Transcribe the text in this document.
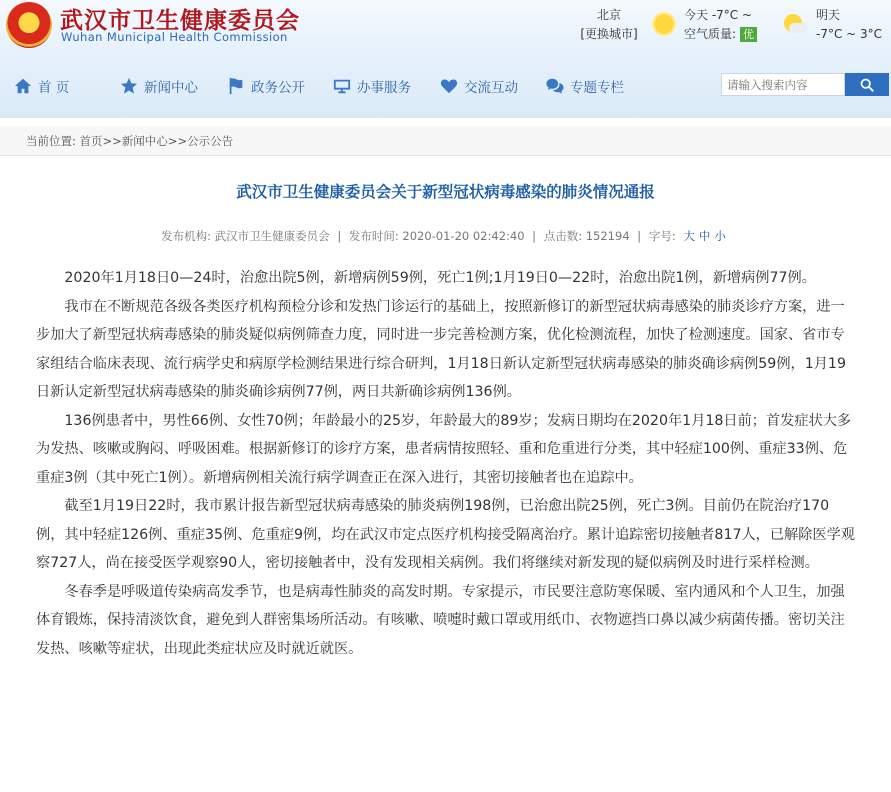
★	武汉市卫生健康委员会
Wuhan Municipal Health Commission
北京
[更换城市]
今天 -7°C ~
空气质量: 优
明天
-7°C ~ 3°C
首 页	新闻中心	政务公开	办事服务	交流互动	专题专栏
请输入搜索内容
当前位置: 首页>>新闻中心>>公示公告
武汉市卫生健康委员会关于新型冠状病毒感染的肺炎情况通报
发布机构: 武汉市卫生健康委员会 | 发布时间: 2020-01-20 02:42:40 | 点击数: 152194 | 字号: 大 中 小

2020年1月18日0—24时，治愈出院5例，新增病例59例，死亡1例;1月19日0—22时，治愈出院1例，新增病例77例。

我市在不断规范各级各类医疗机构预检分诊和发热门诊运行的基础上，按照新修订的新型冠状病毒感染的肺炎诊疗方案，进一步加大了新型冠状病毒感染的肺炎疑似病例筛查力度，同时进一步完善检测方案，优化检测流程，加快了检测速度。国家、省市专家组结合临床表现、流行病学史和病原学检测结果进行综合研判，1月18日新认定新型冠状病毒感染的肺炎确诊病例59例，1月19日新认定新型冠状病毒感染的肺炎确诊病例77例，两日共新确诊病例136例。

136例患者中，男性66例、女性70例；年龄最小的25岁，年龄最大的89岁；发病日期均在2020年1月18日前；首发症状大多为发热、咳嗽或胸闷、呼吸困难。根据新修订的诊疗方案，患者病情按照轻、重和危重进行分类，其中轻症100例、重症33例、危重症3例（其中死亡1例）。新增病例相关流行病学调查正在深入进行，其密切接触者也在追踪中。

截至1月19日22时，我市累计报告新型冠状病毒感染的肺炎病例198例，已治愈出院25例，死亡3例。目前仍在院治疗170例，其中轻症126例、重症35例、危重症9例，均在武汉市定点医疗机构接受隔离治疗。累计追踪密切接触者817人，已解除医学观察727人，尚在接受医学观察90人，密切接触者中，没有发现相关病例。我们将继续对新发现的疑似病例及时进行采样检测。

冬春季是呼吸道传染病高发季节，也是病毒性肺炎的高发时期。专家提示，市民要注意防寒保暖、室内通风和个人卫生，加强体育锻炼，保持清淡饮食，避免到人群密集场所活动。有咳嗽、喷嚏时戴口罩或用纸巾、衣物遮挡口鼻以减少病菌传播。密切关注发热、咳嗽等症状，出现此类症状应及时就近就医。
